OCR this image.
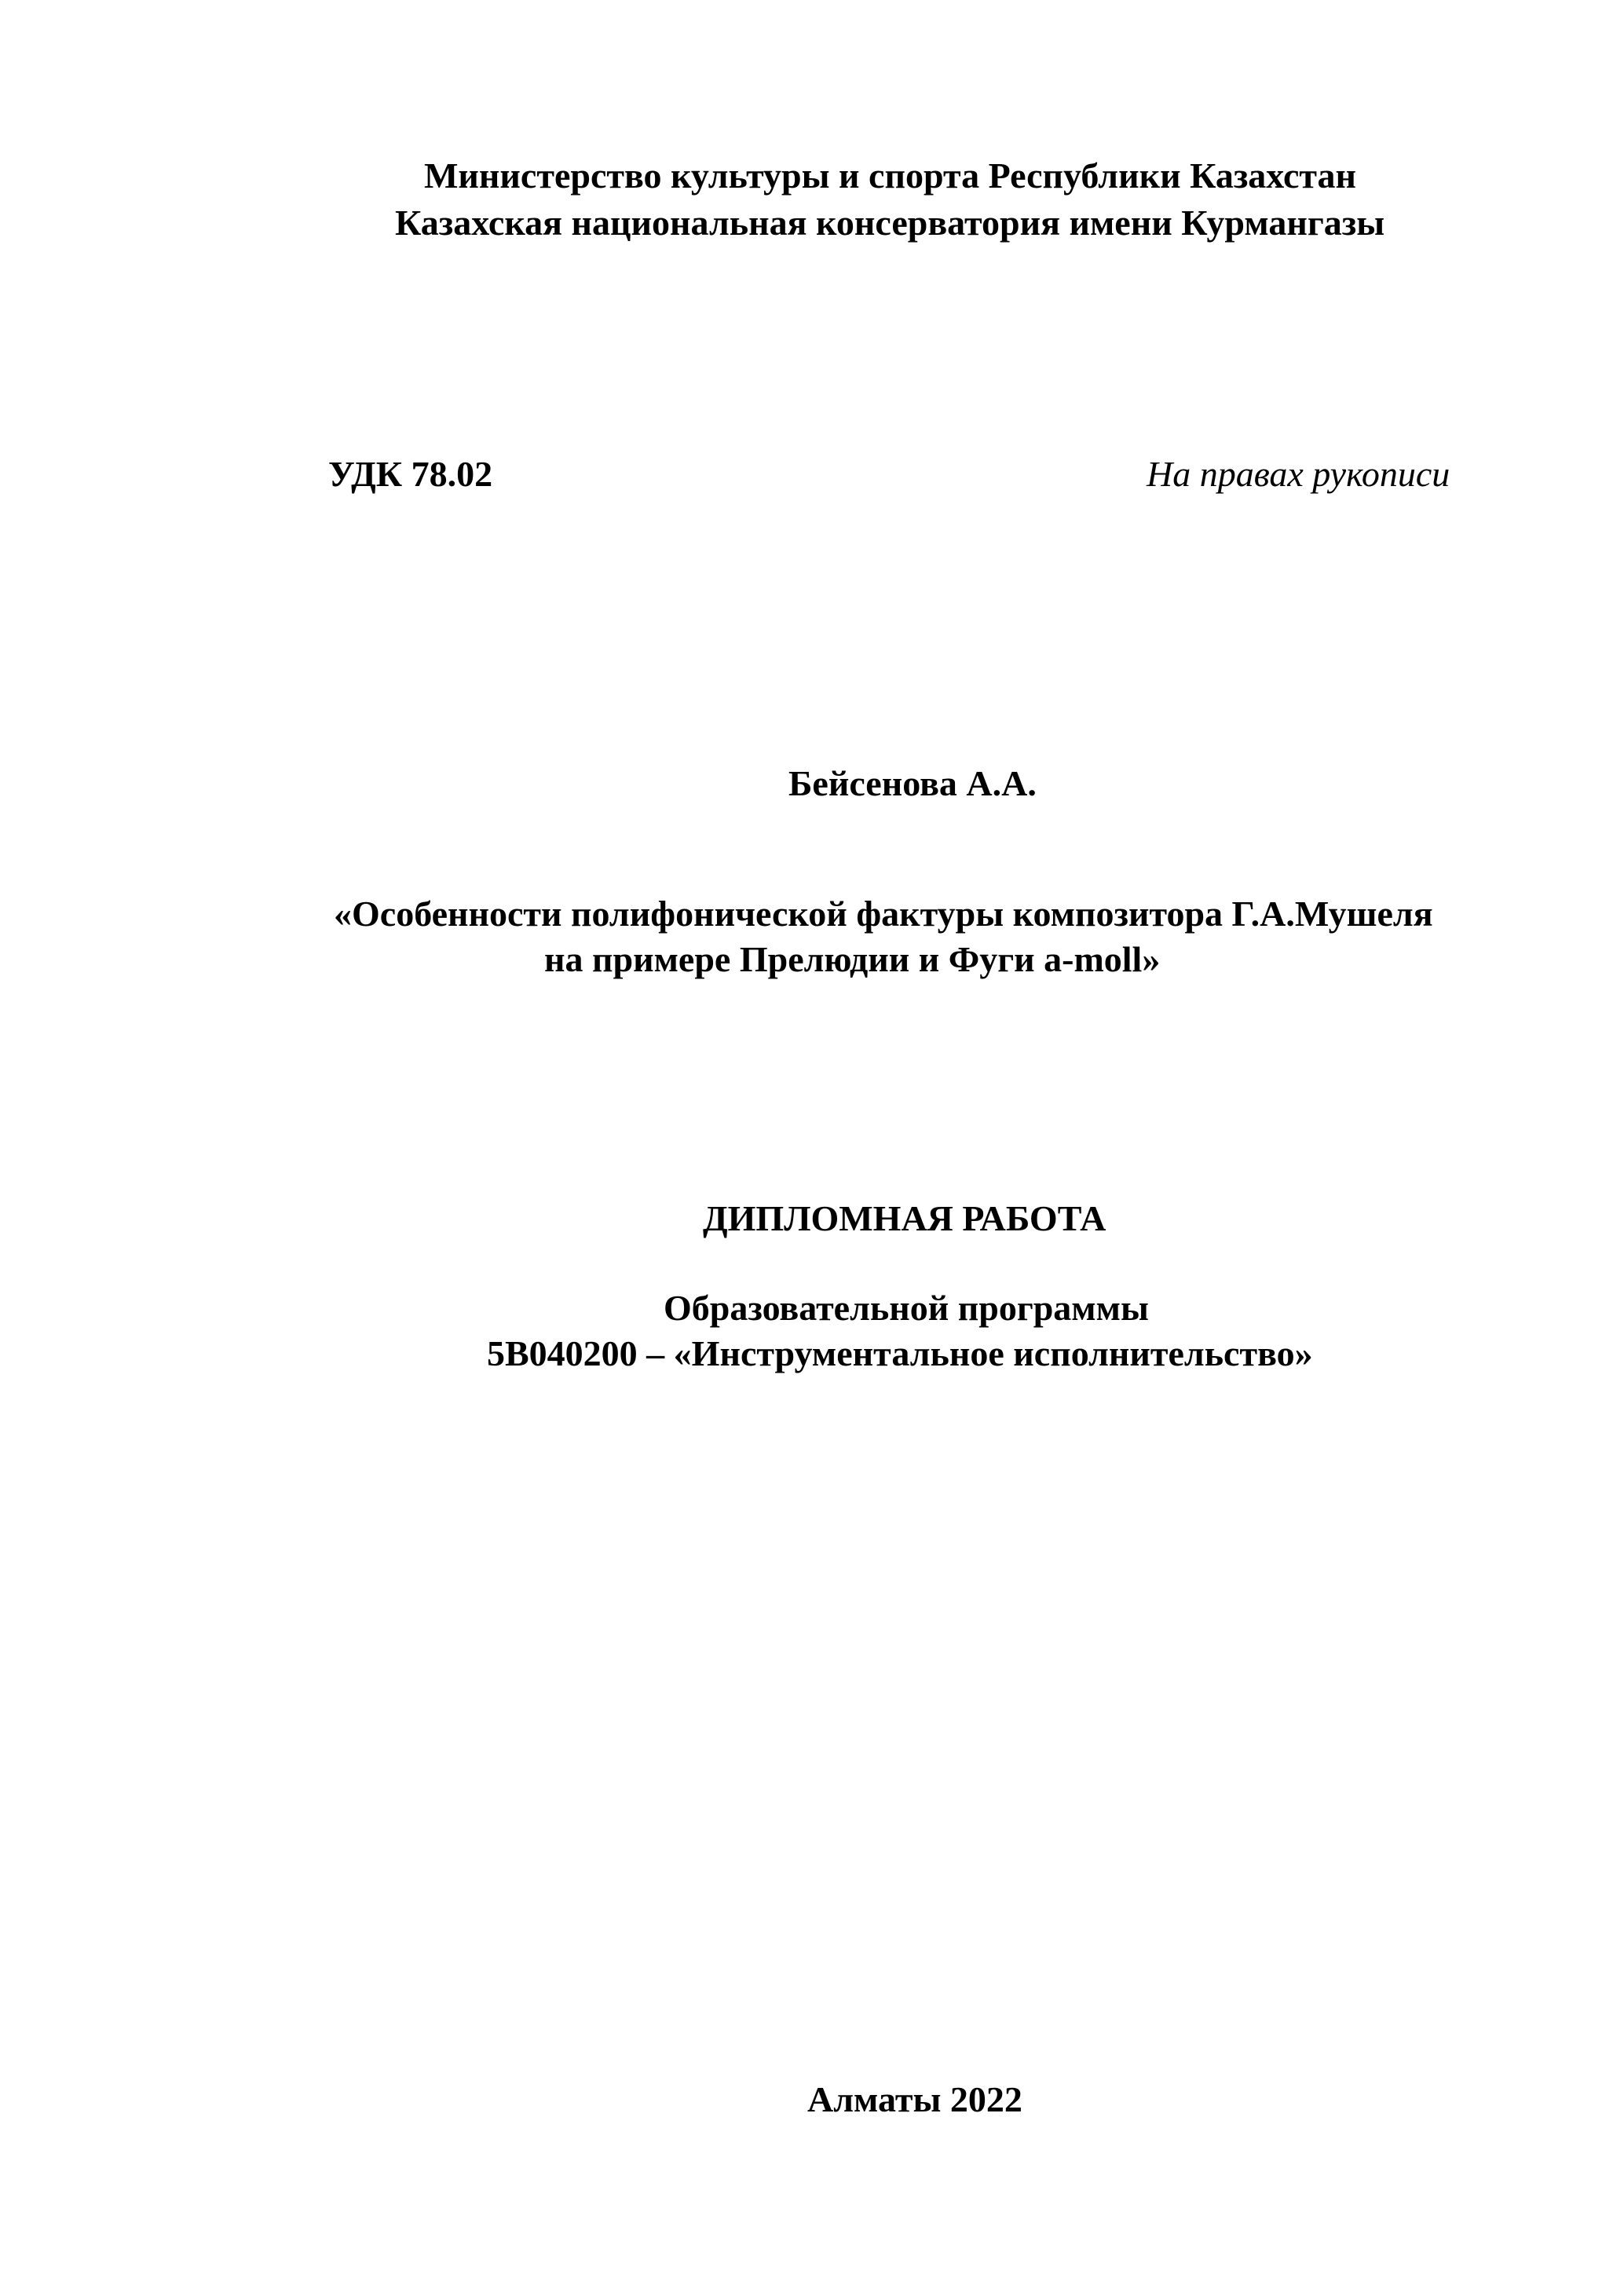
Министерство культуры и спорта Республики Казахстан
Казахская национальная консерватория имени Курмангазы

УДК 78.02	На правах рукописи

Бейсенова А.А.

«Особенности полифонической фактуры композитора Г.А.Мушеля

на примере Прелюдии и Фуги a-moll»

ДИПЛОМНАЯ РАБОТА

Образовательной программы

5В040200 – «Инструментальное исполнительство»

Алматы 2022
